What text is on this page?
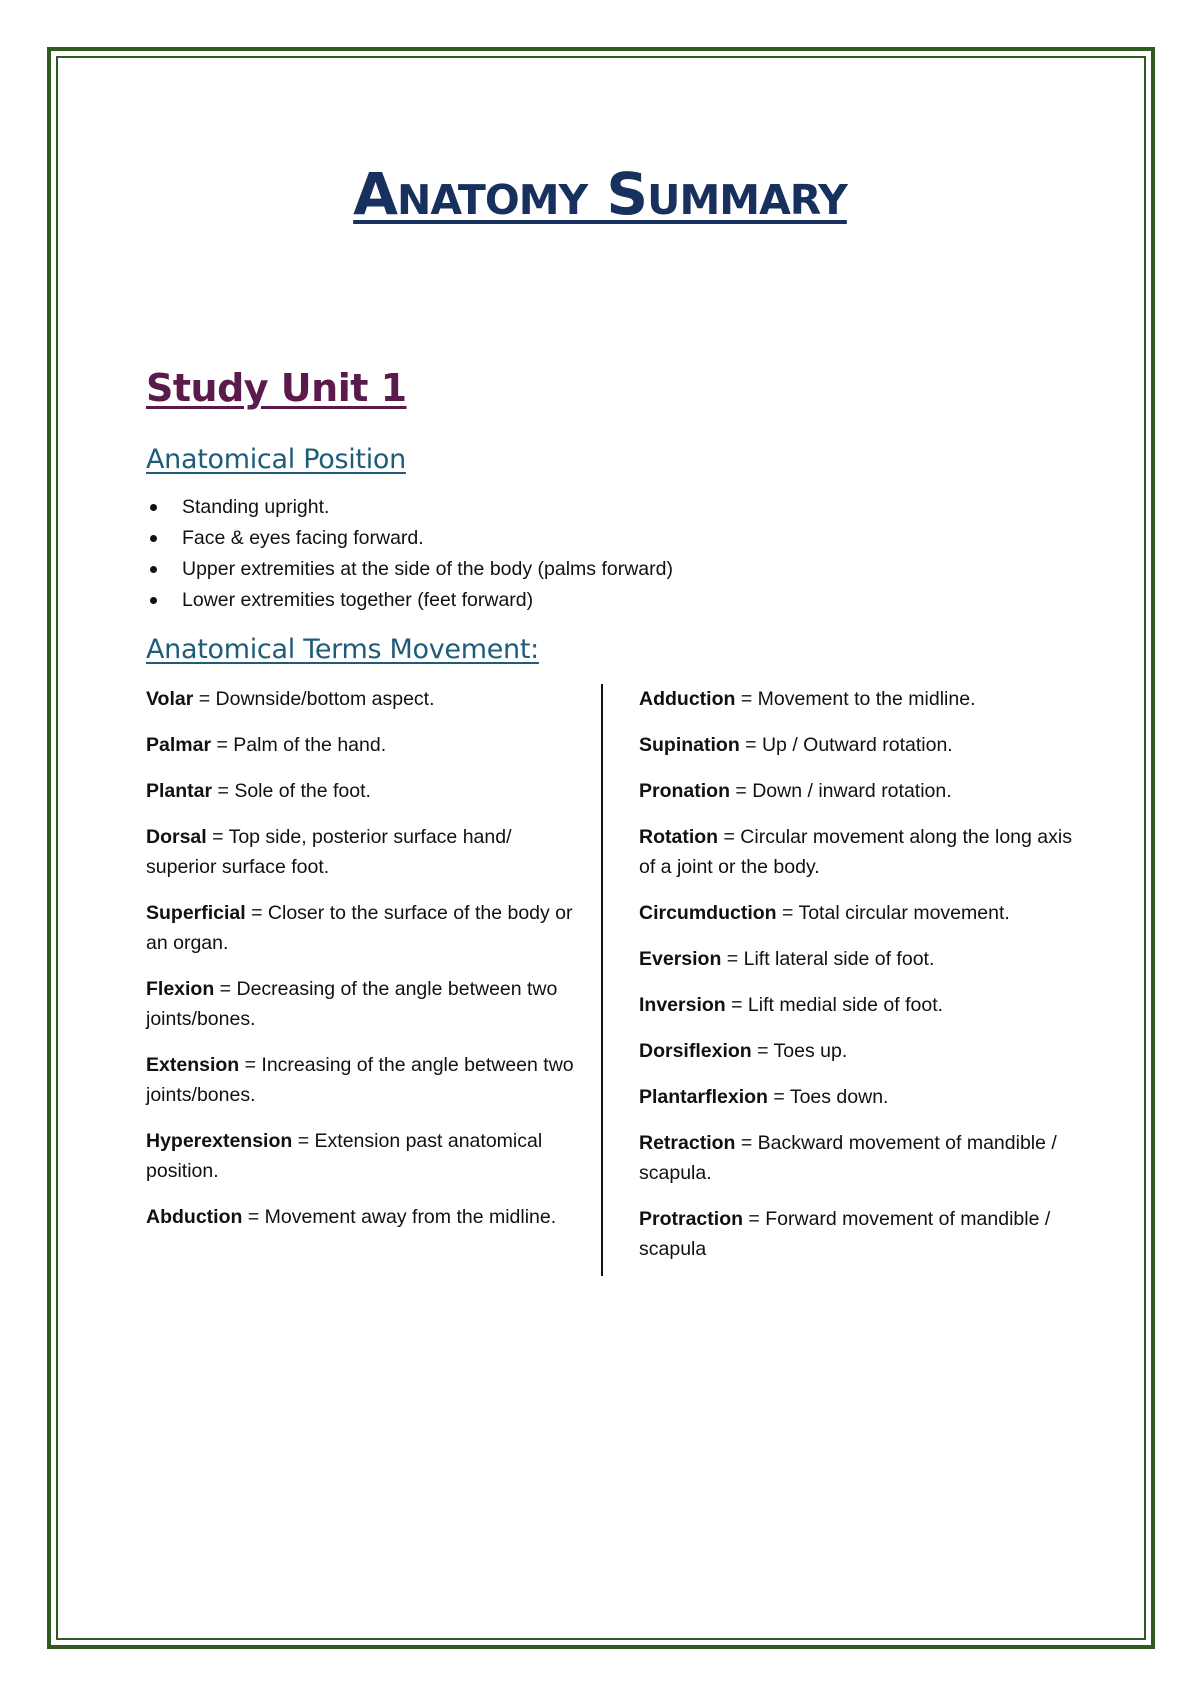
Anatomy Summary
Study Unit 1
Anatomical Position
Standing upright.
Face & eyes facing forward.
Upper extremities at the side of the body (palms forward)
Lower extremities together (feet forward)
Anatomical Terms Movement:

Volar = Downside/bottom aspect.

Palmar = Palm of the hand.

Plantar = Sole of the foot.

Dorsal = Top side, posterior surface hand/ superior surface foot.

Superficial = Closer to the surface of the body or an organ.

Flexion = Decreasing of the angle between two joints/bones.

Extension = Increasing of the angle between two joints/bones.

Hyperextension = Extension past anatomical position.

Abduction = Movement away from the midline.

Adduction = Movement to the midline.

Supination = Up / Outward rotation.

Pronation = Down / inward rotation.

Rotation = Circular movement along the long axis of a joint or the body.

Circumduction = Total circular movement.

Eversion = Lift lateral side of foot.

Inversion = Lift medial side of foot.

Dorsiflexion = Toes up.

Plantarflexion = Toes down.

Retraction = Backward movement of mandible / scapula.

Protraction = Forward movement of mandible / scapula
